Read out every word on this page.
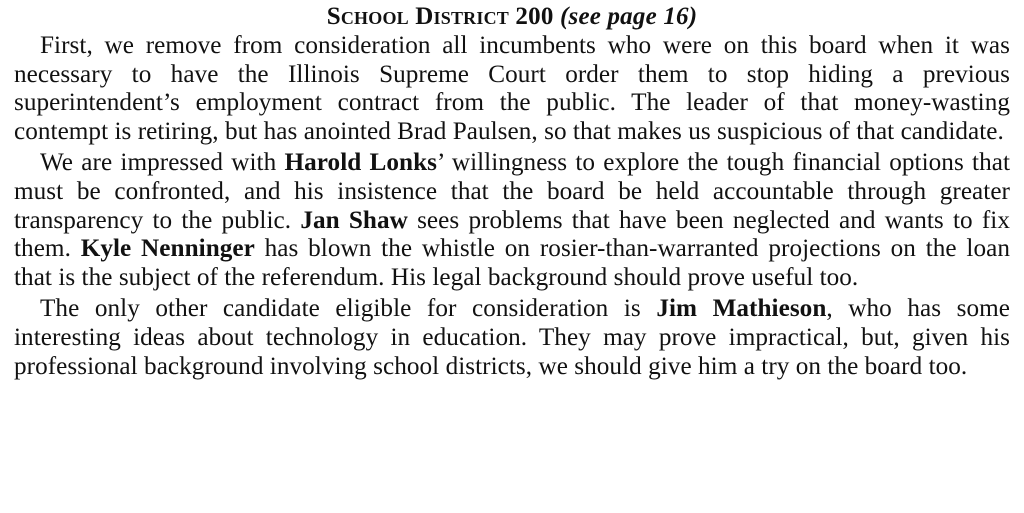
School District 200 (see page 16)

First, we remove from consideration all incumbents who were on this board when it was necessary to have the Illinois Supreme Court order them to stop hiding a previous superintendent’s employment contract from the public. The leader of that money-wasting contempt is retiring, but has anointed Brad Paulsen, so that makes us suspicious of that candidate.

We are impressed with Harold Lonks’ willingness to explore the tough financial options that must be confronted, and his insistence that the board be held accountable through greater transparency to the public. Jan Shaw sees problems that have been neglected and wants to fix them. Kyle Nenninger has blown the whistle on rosier-than-warranted projections on the loan that is the subject of the referendum. His legal background should prove useful too.

The only other candidate eligible for consideration is Jim Mathieson, who has some interesting ideas about technology in education. They may prove impractical, but, given his professional background involving school districts, we should give him a try on the board too.
